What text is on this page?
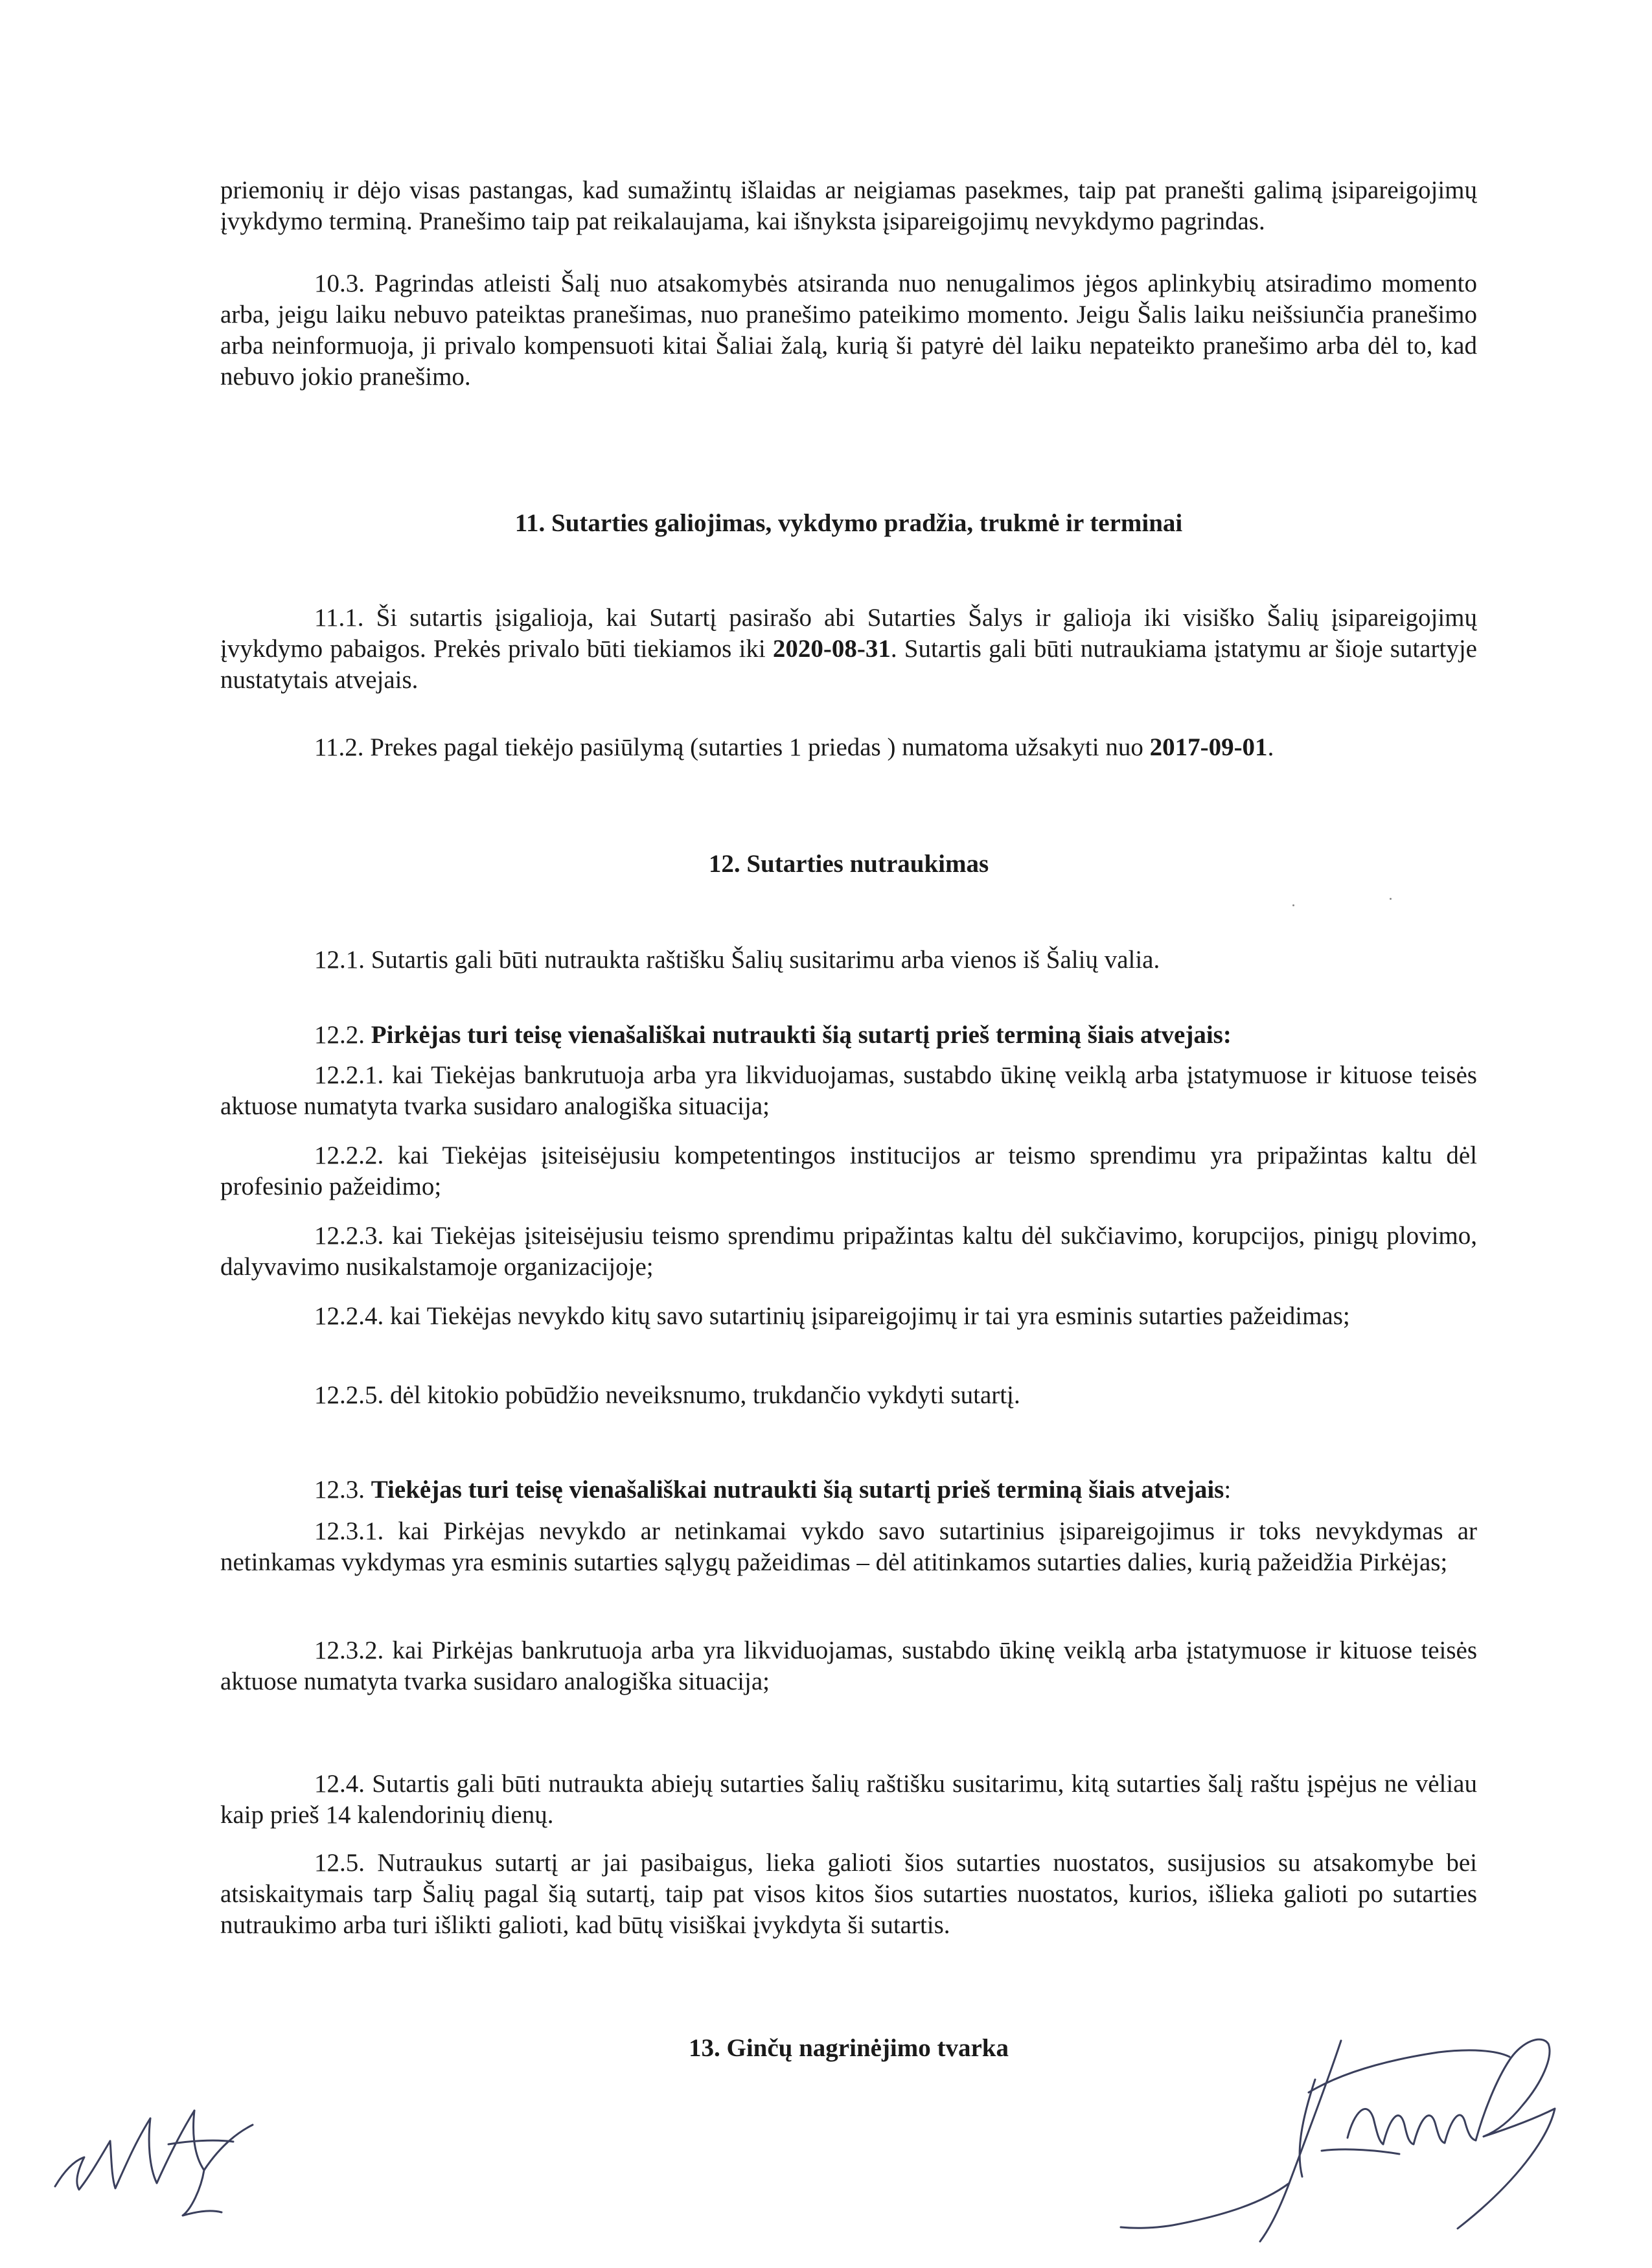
priemonių ir dėjo visas pastangas, kad sumažintų išlaidas ar neigiamas pasekmes, taip pat pranešti galimą įsipareigojimų įvykdymo terminą. Pranešimo taip pat reikalaujama, kai išnyksta įsipareigojimų nevykdymo pagrindas.

10.3. Pagrindas atleisti Šalį nuo atsakomybės atsiranda nuo nenugalimos jėgos aplinkybių atsiradimo momento arba, jeigu laiku nebuvo pateiktas pranešimas, nuo pranešimo pateikimo momento. Jeigu Šalis laiku neišsiunčia pranešimo arba neinformuoja, ji privalo kompensuoti kitai Šaliai žalą, kurią ši patyrė dėl laiku nepateikto pranešimo arba dėl to, kad nebuvo jokio pranešimo.

11. Sutarties galiojimas, vykdymo pradžia, trukmė ir terminai

11.1. Ši sutartis įsigalioja, kai Sutartį pasirašo abi Sutarties Šalys ir galioja iki visiško Šalių įsipareigojimų įvykdymo pabaigos. Prekės privalo būti tiekiamos iki 2020-08-31. Sutartis gali būti nutraukiama įstatymu ar šioje sutartyje nustatytais atvejais.

11.2. Prekes pagal tiekėjo pasiūlymą (sutarties 1 priedas ) numatoma užsakyti nuo 2017-09-01.

12. Sutarties nutraukimas

12.1. Sutartis gali būti nutraukta raštišku Šalių susitarimu arba vienos iš Šalių valia.

12.2. Pirkėjas turi teisę vienašališkai nutraukti šią sutartį prieš terminą šiais atvejais:

12.2.1. kai Tiekėjas bankrutuoja arba yra likviduojamas, sustabdo ūkinę veiklą arba įstatymuose ir kituose teisės aktuose numatyta tvarka susidaro analogiška situacija;

12.2.2. kai Tiekėjas įsiteisėjusiu kompetentingos institucijos ar teismo sprendimu yra pripažintas kaltu dėl profesinio pažeidimo;

12.2.3. kai Tiekėjas įsiteisėjusiu teismo sprendimu pripažintas kaltu dėl sukčiavimo, korupcijos, pinigų plovimo, dalyvavimo nusikalstamoje organizacijoje;

12.2.4. kai Tiekėjas nevykdo kitų savo sutartinių įsipareigojimų ir tai yra esminis sutarties pažeidimas;

12.2.5. dėl kitokio pobūdžio neveiksnumo, trukdančio vykdyti sutartį.

12.3. Tiekėjas turi teisę vienašališkai nutraukti šią sutartį prieš terminą šiais atvejais:

12.3.1. kai Pirkėjas nevykdo ar netinkamai vykdo savo sutartinius įsipareigojimus ir toks nevykdymas ar netinkamas vykdymas yra esminis sutarties sąlygų pažeidimas – dėl atitinkamos sutarties dalies, kurią pažeidžia Pirkėjas;

12.3.2. kai Pirkėjas bankrutuoja arba yra likviduojamas, sustabdo ūkinę veiklą arba įstatymuose ir kituose teisės aktuose numatyta tvarka susidaro analogiška situacija;

12.4. Sutartis gali būti nutraukta abiejų sutarties šalių raštišku susitarimu, kitą sutarties šalį raštu įspėjus ne vėliau kaip prieš 14 kalendorinių dienų.

12.5. Nutraukus sutartį ar jai pasibaigus, lieka galioti šios sutarties nuostatos, susijusios su atsakomybe bei atsiskaitymais tarp Šalių pagal šią sutartį, taip pat visos kitos šios sutarties nuostatos, kurios, išlieka galioti po sutarties nutraukimo arba turi išlikti galioti, kad būtų visiškai įvykdyta ši sutartis.

13. Ginčų nagrinėjimo tvarka
